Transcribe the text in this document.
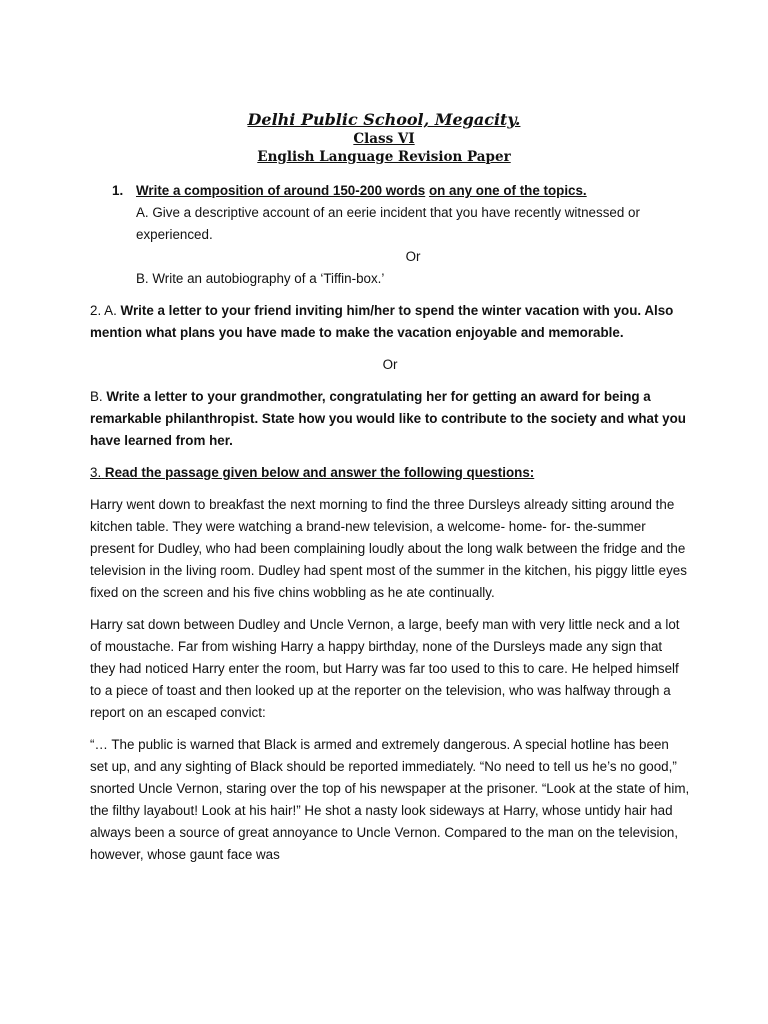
Delhi Public School, Megacity.
Class VI
English Language Revision Paper
1. Write a composition of around 150-200 words on any one of the topics.

A. Give a descriptive account of an eerie incident that you have recently witnessed or experienced.

Or

B. Write an autobiography of a ‘Tiffin-box.’

2. A. Write a letter to your friend inviting him/her to spend the winter vacation with you. Also mention what plans you have made to make the vacation enjoyable and memorable.

Or

B. Write a letter to your grandmother, congratulating her for getting an award for being a remarkable philanthropist. State how you would like to contribute to the society and what you have learned from her.

3. Read the passage given below and answer the following questions:

Harry went down to breakfast the next morning to find the three Dursleys already sitting around the kitchen table. They were watching a brand-new television, a welcome- home- for- the-summer present for Dudley, who had been complaining loudly about the long walk between the fridge and the television in the living room. Dudley had spent most of the summer in the kitchen, his piggy little eyes fixed on the screen and his five chins wobbling as he ate continually.

Harry sat down between Dudley and Uncle Vernon, a large, beefy man with very little neck and a lot of moustache. Far from wishing Harry a happy birthday, none of the Dursleys made any sign that they had noticed Harry enter the room, but Harry was far too used to this to care. He helped himself to a piece of toast and then looked up at the reporter on the television, who was halfway through a report on an escaped convict:

“… The public is warned that Black is armed and extremely dangerous. A special hotline has been set up, and any sighting of Black should be reported immediately. “No need to tell us he’s no good,” snorted Uncle Vernon, staring over the top of his newspaper at the prisoner. “Look at the state of him, the filthy layabout! Look at his hair!” He shot a nasty look sideways at Harry, whose untidy hair had always been a source of great annoyance to Uncle Vernon. Compared to the man on the television, however, whose gaunt face was
